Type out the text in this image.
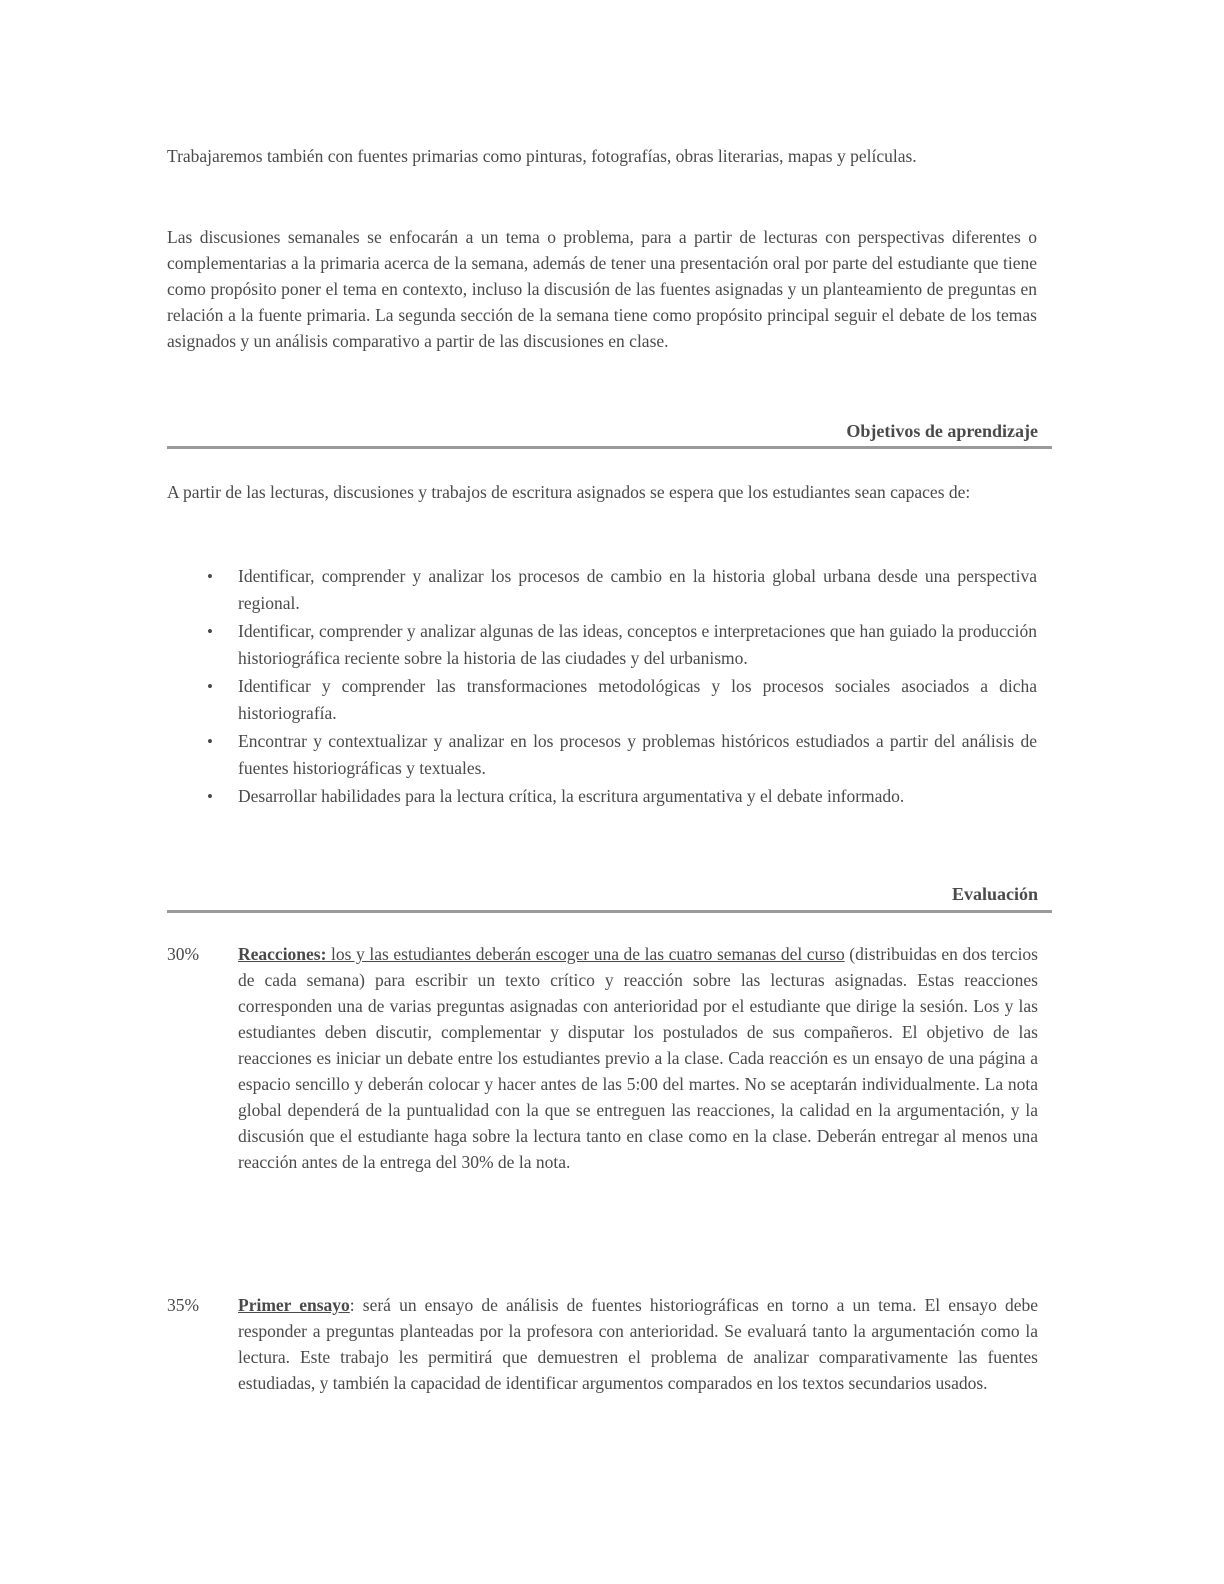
Trabajaremos también con fuentes primarias como pinturas, fotografías, obras literarias, mapas y películas.

Las discusiones semanales se enfocarán a un tema o problema, para a partir de lecturas con perspectivas diferentes o complementarias a la primaria acerca de la semana, además de tener una presentación oral por parte del estudiante que tiene como propósito poner el tema en contexto, incluso la discusión de las fuentes asignadas y un planteamiento de preguntas en relación a la fuente primaria. La segunda sección de la semana tiene como propósito principal seguir el debate de los temas asignados y un análisis comparativo a partir de las discusiones en clase.

Objetivos de aprendizaje

A partir de las lecturas, discusiones y trabajos de escritura asignados se espera que los estudiantes sean capaces de:

• Identificar, comprender y analizar los procesos de cambio en la historia global urbana desde una perspectiva regional.
• Identificar, comprender y analizar algunas de las ideas, conceptos e interpretaciones que han guiado la producción historiográfica reciente sobre la historia de las ciudades y del urbanismo.
• Identificar y comprender las transformaciones metodológicas y los procesos sociales asociados a dicha historiografía.
• Encontrar y contextualizar y analizar en los procesos y problemas históricos estudiados a partir del análisis de fuentes historiográficas y textuales.
• Desarrollar habilidades para la lectura crítica, la escritura argumentativa y el debate informado.
Evaluación
30% Reacciones: los y las estudiantes deberán escoger una de las cuatro semanas del curso (distribuidas en dos tercios de cada semana) para escribir un texto crítico y reacción sobre las lecturas asignadas. Estas reacciones corresponden una de varias preguntas asignadas con anterioridad por el estudiante que dirige la sesión. Los y las estudiantes deben discutir, complementar y disputar los postulados de sus compañeros. El objetivo de las reacciones es iniciar un debate entre los estudiantes previo a la clase. Cada reacción es un ensayo de una página a espacio sencillo y deberán colocar y hacer antes de las 5:00 del martes. No se aceptarán individualmente. La nota global dependerá de la puntualidad con la que se entreguen las reacciones, la calidad en la argumentación, y la discusión que el estudiante haga sobre la lectura tanto en clase como en la clase. Deberán entregar al menos una reacción antes de la entrega del 30% de la nota.

35% Primer ensayo: será un ensayo de análisis de fuentes historiográficas en torno a un tema. El ensayo debe responder a preguntas planteadas por la profesora con anterioridad. Se evaluará tanto la argumentación como la lectura. Este trabajo les permitirá que demuestren el problema de analizar comparativamente las fuentes estudiadas, y también la capacidad de identificar argumentos comparados en los textos secundarios usados.
